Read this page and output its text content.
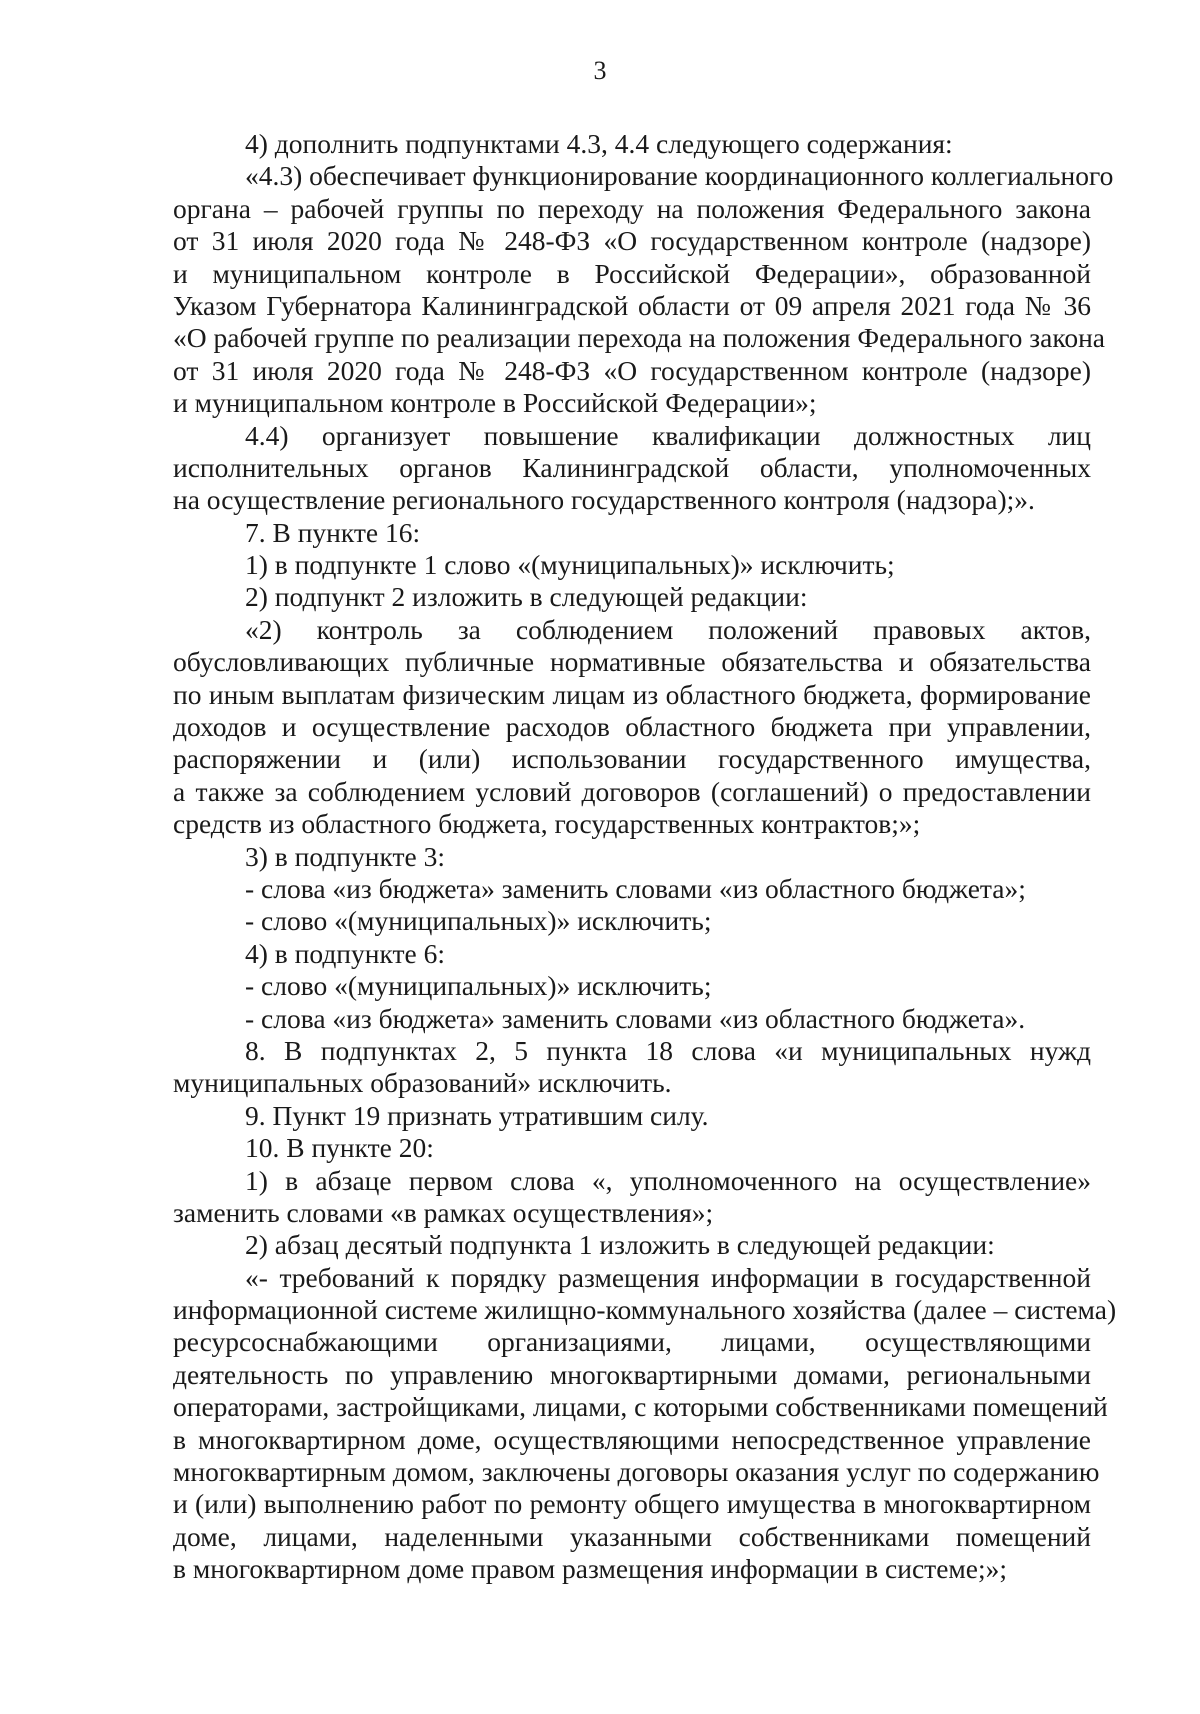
3
4) дополнить подпунктами 4.3, 4.4 следующего содержания:
«4.3) обеспечивает функционирование координационного коллегиального
органа – рабочей группы по переходу на положения Федерального закона
от 31 июля 2020 года № 248-ФЗ «О государственном контроле (надзоре)
и муниципальном контроле в Российской Федерации», образованной
Указом Губернатора Калининградской области от 09 апреля 2021 года № 36
«О рабочей группе по реализации перехода на положения Федерального закона
от 31 июля 2020 года № 248-ФЗ «О государственном контроле (надзоре)
и муниципальном контроле в Российской Федерации»;
4.4) организует повышение квалификации должностных лиц
исполнительных органов Калининградской области, уполномоченных
на осуществление регионального государственного контроля (надзора);».
7. В пункте 16:
1) в подпункте 1 слово «(муниципальных)» исключить;
2) подпункт 2 изложить в следующей редакции:
«2) контроль за соблюдением положений правовых актов,
обусловливающих публичные нормативные обязательства и обязательства
по иным выплатам физическим лицам из областного бюджета, формирование
доходов и осуществление расходов областного бюджета при управлении,
распоряжении и (или) использовании государственного имущества,
а также за соблюдением условий договоров (соглашений) о предоставлении
средств из областного бюджета, государственных контрактов;»;
3) в подпункте 3:
- слова «из бюджета» заменить словами «из областного бюджета»;
- слово «(муниципальных)» исключить;
4) в подпункте 6:
- слово «(муниципальных)» исключить;
- слова «из бюджета» заменить словами «из областного бюджета».
8. В подпунктах 2, 5 пункта 18 слова «и муниципальных нужд
муниципальных образований» исключить.
9. Пункт 19 признать утратившим силу.
10. В пункте 20:
1) в абзаце первом слова «, уполномоченного на осуществление»
заменить словами «в рамках осуществления»;
2) абзац десятый подпункта 1 изложить в следующей редакции:
«- требований к порядку размещения информации в государственной
информационной системе жилищно-коммунального хозяйства (далее – система)
ресурсоснабжающими организациями, лицами, осуществляющими
деятельность по управлению многоквартирными домами, региональными
операторами, застройщиками, лицами, с которыми собственниками помещений
в многоквартирном доме, осуществляющими непосредственное управление
многоквартирным домом, заключены договоры оказания услуг по содержанию
и (или) выполнению работ по ремонту общего имущества в многоквартирном
доме, лицами, наделенными указанными собственниками помещений
в многоквартирном доме правом размещения информации в системе;»;
